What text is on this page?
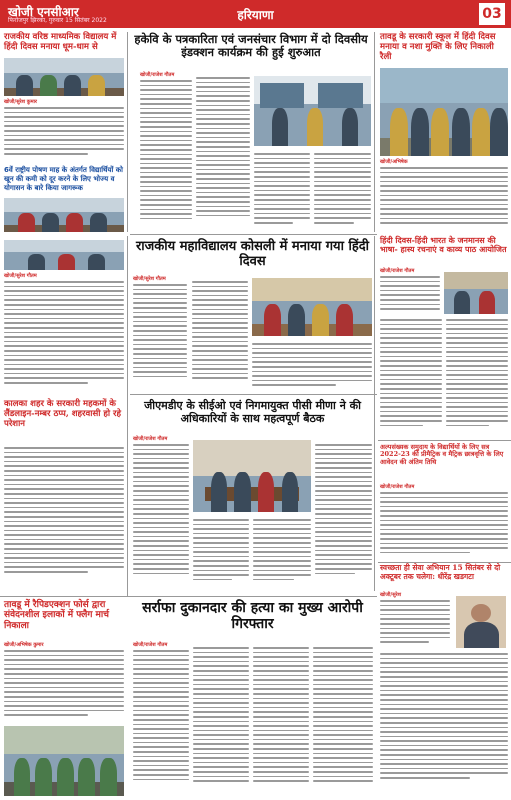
खोजी एनसीआर
फिरोजपुर झिरका, गुरुवार 15 सितंबर 2022	हरियाणा	03
राजकीय वरिष्ठ माध्यमिक विद्यालय में हिंदी दिवस मनाया धूम-धाम से
खोजी/सुरेश कुमार
6वें राष्ट्रीय पोषण माह के अंतर्गत विद्यार्थियों को खून की कमी को दूर करने के लिए भोज्य व योगासन के बारे किया जागरूक
हकेवि के पत्रकारिता एवं जनसंचार विभाग में दो दिवसीय इंडक्शन कार्यक्रम की हुई शुरुआत
खोजी/राजेश गौतम
तावडू के सरकारी स्कूल में हिंदी दिवस मनाया व नशा मुक्ति के लिए निकाली रैली
खोजी/अभिषेक
राजकीय महाविद्यालय कोसली में मनाया गया हिंदी दिवस
खोजी/सुरेश गौतम
हिंदी दिवस-हिंदी भारत के जनमानस की भाषा- हास्य रचनाएं व काव्य पाठ आयोजित
खोजी/राजेश गौतम
खोजी/सुरेश गौतम
कालका शहर के सरकारी महकमों के लैंडलाइन-नम्बर ठप्प, शहरवासी हो रहे परेशान
जीएमडीए के सीईओ एवं निगमायुक्त पीसी मीणा ने की अधिकारियों के साथ महत्वपूर्ण बैठक
खोजी/राजेश गौतम
अल्पसंख्यक समुदाय के विद्यार्थियों के लिए सत्र 2022-23 की प्रीमैट्रिक व मैट्रिक छात्रवृत्ति के लिए आवेदन की अंतिम तिथि
खोजी/राजेश गौतम
स्वच्छता ही सेवा अभियान 15 सितंबर से दो अक्टूबर तक चलेगा: धीरेंद्र खडगटा
खोजी/सुरेश
तावडू में रैपिडएक्शन फोर्स द्वारा संवेदनशील इलाकों में फ्लैग मार्च निकाला
खोजी/अभिषेक कुमार
सर्राफा दुकानदार की हत्या का मुख्य आरोपी गिरफ्तार
खोजी/राजेश गौतम
